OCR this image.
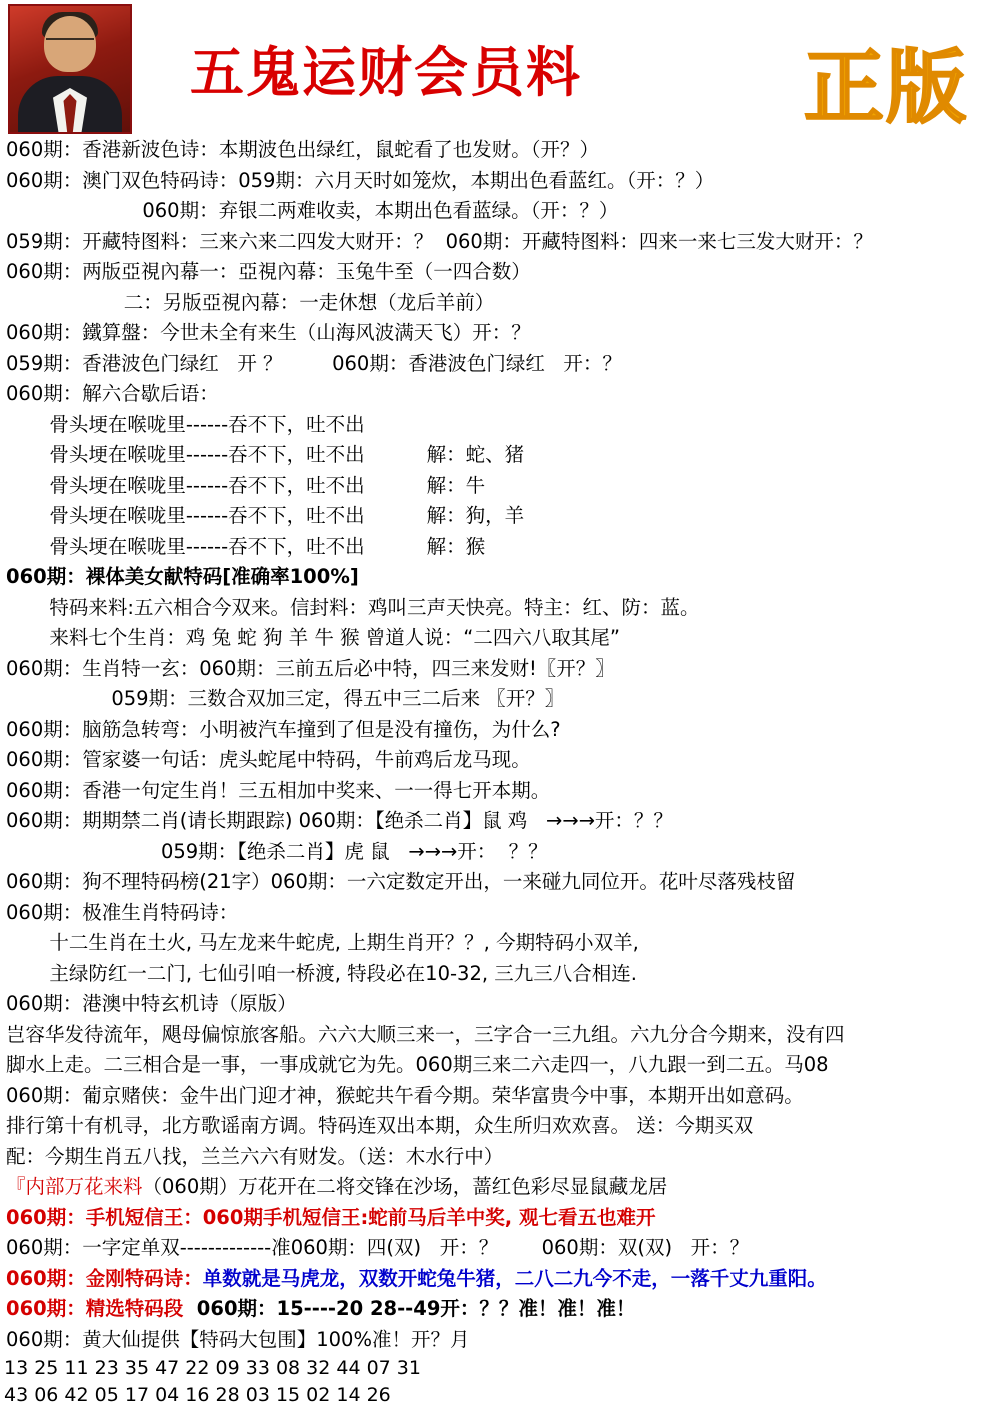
五鬼运财会员料	正版
060期：香港新波色诗：本期波色出绿红，鼠蛇看了也发财。（开？）
060期：澳门双色特码诗：059期：六月天时如笼炊，本期出色看蓝红。（开：？）
060期：弃银二两难收卖，本期出色看蓝绿。（开：？）
059期：开藏特图料：三来六来二四发大财开：？  060期：开藏特图料：四来一来七三发大财开：？
060期：两版亞視內幕一：亞視內幕：玉兔牛至（一四合数）
二：另版亞視內幕：一走休想（龙后羊前）
060期：鐵算盤：今世未全有来生（山海风波满天飞）开：？
059期：香港波色门绿红   开 ？        060期：香港波色门绿红   开：？
060期：解六合歇后语：
骨头埂在喉咙里------吞不下，吐不出
骨头埂在喉咙里------吞不下，吐不出          解：蛇、猪
骨头埂在喉咙里------吞不下，吐不出          解：牛
骨头埂在喉咙里------吞不下，吐不出          解：狗，羊
骨头埂在喉咙里------吞不下，吐不出          解：猴
060期：裸体美女献特码[准确率100%]
特码来料:五六相合今双来。信封料：鸡叫三声天快亮。特主：红、防：蓝。
来料七个生肖：鸡 兔 蛇 狗 羊 牛 猴 曾道人说：“二四六八取其尾”
060期：生肖特一玄：060期：三前五后必中特，四三来发财!〖开？〗
059期：三数合双加三定，得五中三二后来 〖开？〗
060期：脑筋急转弯：小明被汽车撞到了但是没有撞伤，为什么?
060期：管家婆一句话：虎头蛇尾中特码，牛前鸡后龙马现。
060期：香港一句定生肖！三五相加中奖来、一一得七开本期。
060期：期期禁二肖(请长期跟踪) 060期：【绝杀二肖】鼠 鸡   →→→开：？？
059期：【绝杀二肖】虎 鼠   →→→开：  ？？
060期：狗不理特码榜(21字）060期：一六定数定开出，一来碰九同位开。花叶尽落残枝留
060期：极准生肖特码诗：
十二生肖在土火, 马左龙来牛蛇虎, 上期生肖开？？, 今期特码小双羊,
主绿防红一二门, 七仙引咱一桥渡, 特段必在10-32, 三九三八合相连.
060期：港澳中特玄机诗（原版）
岂容华发待流年，飓母偏惊旅客船。六六大顺三来一，三字合一三九组。六九分合今期来，没有四
脚水上走。二三相合是一事，一事成就它为先。060期三来二六走四一，八九跟一到二五。马08
060期：葡京赌侠：金牛出门迎才神，猴蛇共午看今期。荣华富贵今中事，本期开出如意码。
排行第十有机寻，北方歌谣南方调。特码连双出本期，众生所归欢欢喜。 送：今期买双
配：今期生肖五八找，兰兰六六有财发。（送：木水行中）
『内部万花来料（060期）万花开在二将交锋在沙场，蔷红色彩尽显鼠藏龙居
060期：手机短信王：060期手机短信王:蛇前马后羊中奖, 观七看五也难开
060期：一字定单双-------------准060期：四(双)   开：？       060期：双(双)   开：？
060期：金刚特码诗：单数就是马虎龙，双数开蛇兔牛猪，二八二九今不走，一落千丈九重阳。
060期：精选特码段  060期：15----20 28--49开：？？准！准！准！
060期：黄大仙提供【特码大包围】100%准！开？月
13 25 11 23 35 47 22 09 33 08 32 44 07 31
43 06 42 05 17 04 16 28 03 15 02 14 26
